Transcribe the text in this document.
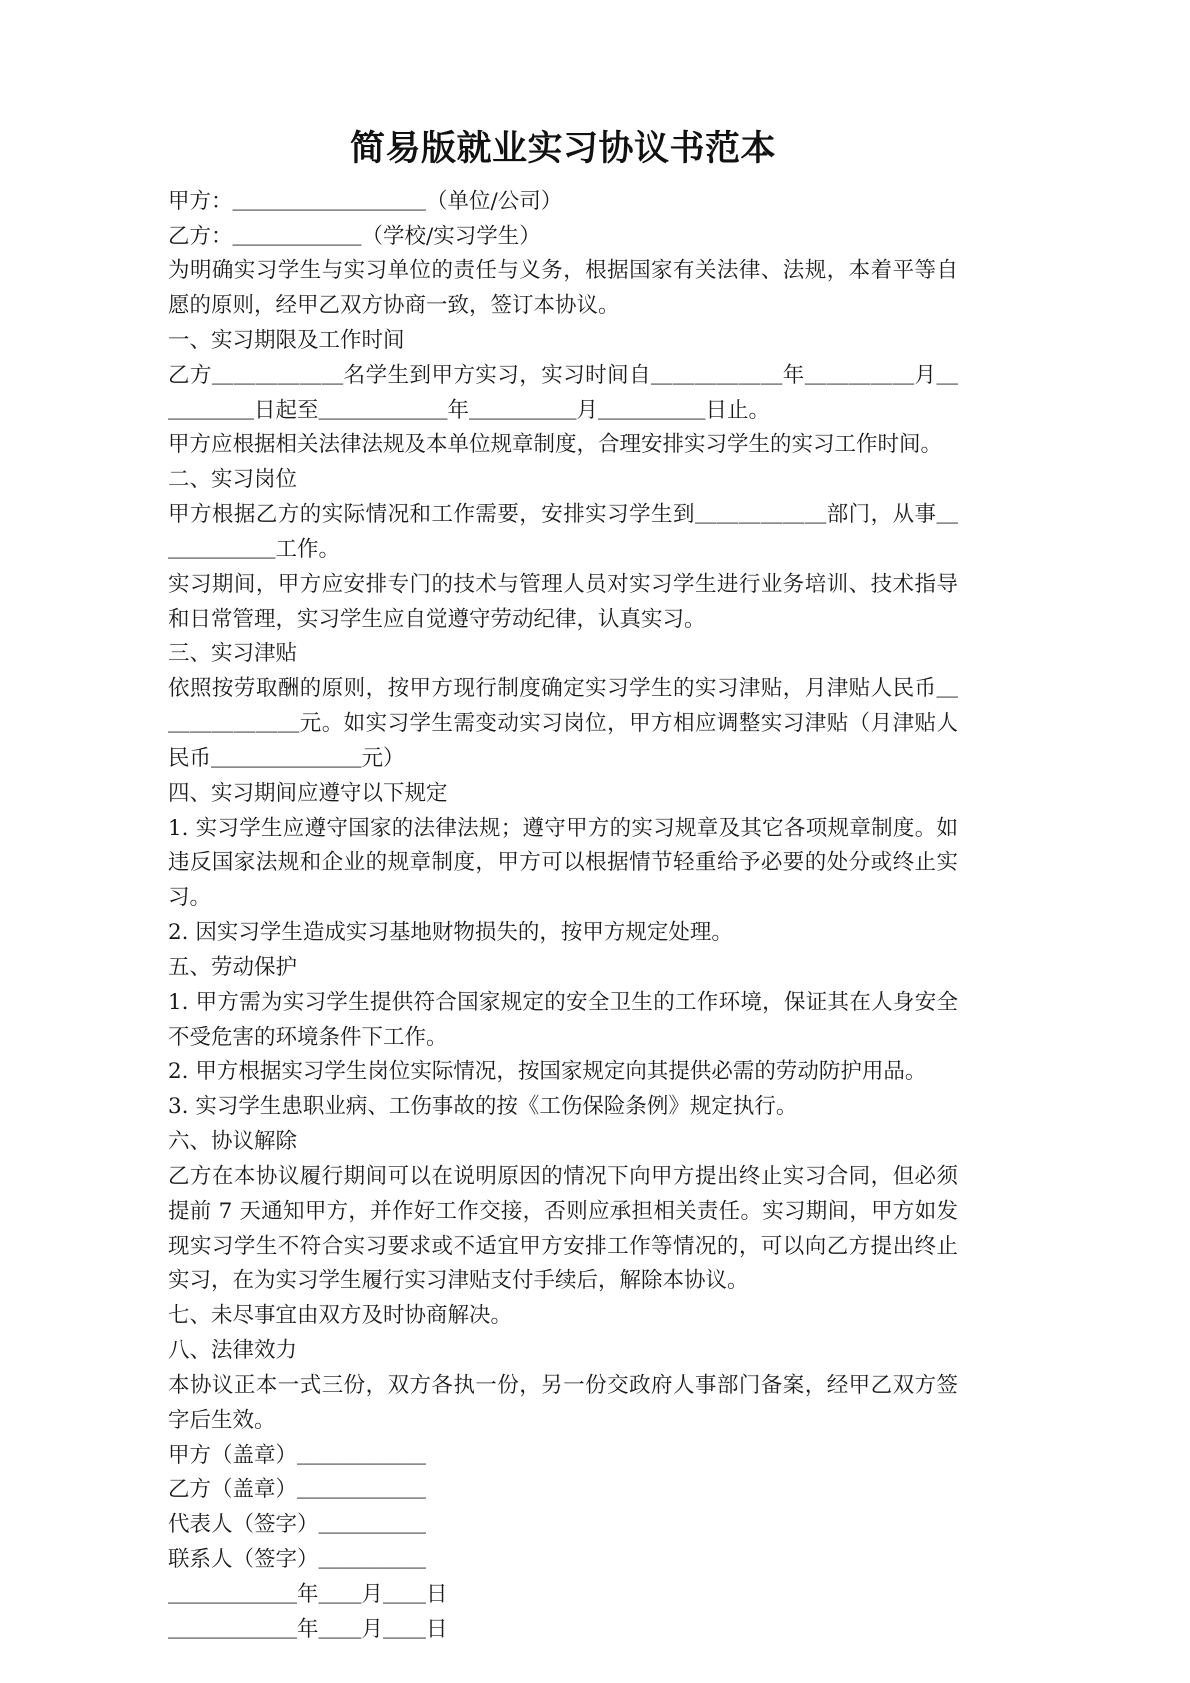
简易版就业实习协议书范本

甲方：＿＿＿＿＿＿＿＿＿（单位/公司）

乙方：＿＿＿＿＿＿（学校/实习学生）

为明确实习学生与实习单位的责任与义务，根据国家有关法律、法规，本着平等自愿的原则，经甲乙双方协商一致，签订本协议。

一、实习期限及工作时间

乙方＿＿＿＿＿＿名学生到甲方实习，实习时间自＿＿＿＿＿＿年＿＿＿＿＿月＿＿＿＿＿日起至＿＿＿＿＿＿年＿＿＿＿＿月＿＿＿＿＿日止。

甲方应根据相关法律法规及本单位规章制度，合理安排实习学生的实习工作时间。

二、实习岗位

甲方根据乙方的实际情况和工作需要，安排实习学生到＿＿＿＿＿＿部门，从事＿＿＿＿＿＿工作。

实习期间，甲方应安排专门的技术与管理人员对实习学生进行业务培训、技术指导和日常管理，实习学生应自觉遵守劳动纪律，认真实习。

三、实习津贴

依照按劳取酬的原则，按甲方现行制度确定实习学生的实习津贴，月津贴人民币＿＿＿＿＿＿＿元。如实习学生需变动实习岗位，甲方相应调整实习津贴（月津贴人民币＿＿＿＿＿＿＿元）

四、实习期间应遵守以下规定

1. 实习学生应遵守国家的法律法规；遵守甲方的实习规章及其它各项规章制度。如违反国家法规和企业的规章制度，甲方可以根据情节轻重给予必要的处分或终止实习。

2. 因实习学生造成实习基地财物损失的，按甲方规定处理。

五、劳动保护

1. 甲方需为实习学生提供符合国家规定的安全卫生的工作环境，保证其在人身安全不受危害的环境条件下工作。

2. 甲方根据实习学生岗位实际情况，按国家规定向其提供必需的劳动防护用品。

3. 实习学生患职业病、工伤事故的按《工伤保险条例》规定执行。

六、协议解除

乙方在本协议履行期间可以在说明原因的情况下向甲方提出终止实习合同，但必须提前 7 天通知甲方，并作好工作交接，否则应承担相关责任。实习期间，甲方如发现实习学生不符合实习要求或不适宜甲方安排工作等情况的，可以向乙方提出终止实习，在为实习学生履行实习津贴支付手续后，解除本协议。

七、未尽事宜由双方及时协商解决。

八、法律效力

本协议正本一式三份，双方各执一份，另一份交政府人事部门备案，经甲乙双方签字后生效。

甲方（盖章）＿＿＿＿＿＿

乙方（盖章）＿＿＿＿＿＿

代表人（签字）＿＿＿＿＿

联系人（签字）＿＿＿＿＿

＿＿＿＿＿＿年＿＿月＿＿日

＿＿＿＿＿＿年＿＿月＿＿日
